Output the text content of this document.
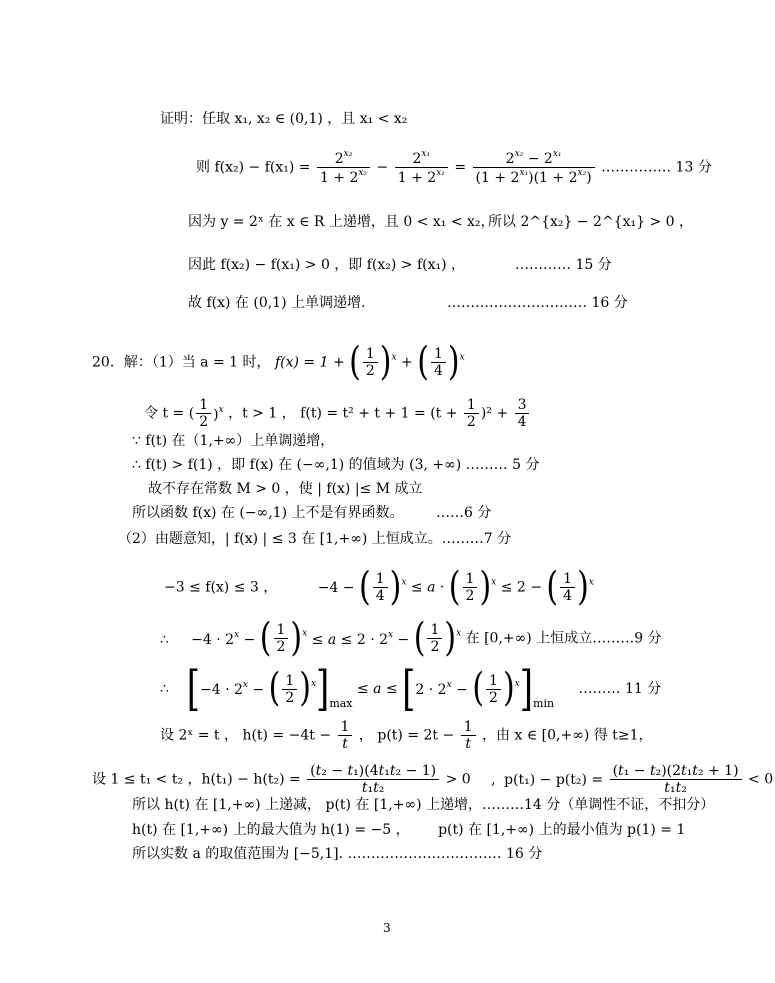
证明：任取 x₁, x₂ ∈ (0,1) ，且 x₁ < x₂
则 $f(x_2) - f(x_1) = \frac{2^{x_2}}{1 + 2^{x_2}} - \frac{2^{x_1}}{1 + 2^{x_1}} = \frac{2^{x_2} - 2^{x_1}}{(1 + 2^{x_1})(1 + 2^{x_2})}$ …………… 13 分
因为 y = 2ˣ 在 x ∈ R 上递增，且 0 < x₁ < x₂，
所以 2^{x₂} − 2^{x₁} > 0 ，
因此 f(x₂) − f(x₁) > 0 ，即 f(x₂) > f(x₁) ，	………… 15 分
故 f(x) 在 (0,1) 上单调递增.	………………………… 16 分
20．解：（1）当 a = 1 时， f(x) = 1 + ( $\frac{1}{2} )^x$ + ( $\frac{1}{4} )^x$
令 t = ( $\frac{1}{2} )^x$ ，t > 1 ， $f(t) = t^2 + t + 1 = (t + \frac{1}{2} )^2 + \frac{3}{4}$
∵ f(t) 在（1,+∞）上单调递增，
∴ f(t) > f(1) ，即 f(x) 在 (−∞,1) 的值域为 (3, +∞) ……… 5 分
故不存在常数 M > 0 ，使 | f(x) |≤ M 成立
所以函数 f(x) 在 (−∞,1) 上不是有界函数。 ……6 分
（2）由题意知，| f(x) | ≤ 3 在 [1,+∞) 上恒成立。………7 分
−3 ≤ f(x) ≤ 3 ，	−4 − ( $\frac{1}{4} )^x \le a$ · ( $\frac{1}{2} )^x \le 2$ − ( $\frac{1}{4} )^x$
∴     $-4 \cdot 2^x$ − ( $\frac{1}{2} )^x \le a \le 2 \cdot 2^x$ − ( $\frac{1}{2} )^x$ 在 [0,+∞) 上恒成立………9 分
∴    [$-4 \cdot 2^x$ − ( $\frac{1}{2} )^x]_{max} \le a \le [2 \cdot 2^x$ − ( $\frac{1}{2} )^x]_{min}$ ……… 11 分
设 2ˣ = t ， $h(t) = -4t - \frac{1}{t}$ ， $p(t) = 2t - \frac{1}{t}$ ，由 x ∈ [0,+∞) 得 t≥1，
设 1 ≤ t₁ < t₂ ，$h(t_1) - h(t_2) = \frac{\text{(t₂ − t₁)(4t₁t₂ − 1)}}{\text{t₁t₂}} > 0$ , $p(t_1) - p(t_2) = \frac{\text{(t₁ − t₂)(2t₁t₂ + 1)}}{\text{t₁t₂}} < 0$
所以 h(t) 在 [1,+∞) 上递减， p(t) 在 [1,+∞) 上递增，………14 分（单调性不证，不扣分）
h(t) 在 [1,+∞) 上的最大值为 h(1) = −5 ， p(t) 在 [1,+∞) 上的最小值为 p(1) = 1
所以实数 a 的取值范围为 [−5,1]. …………………………… 16 分
3
